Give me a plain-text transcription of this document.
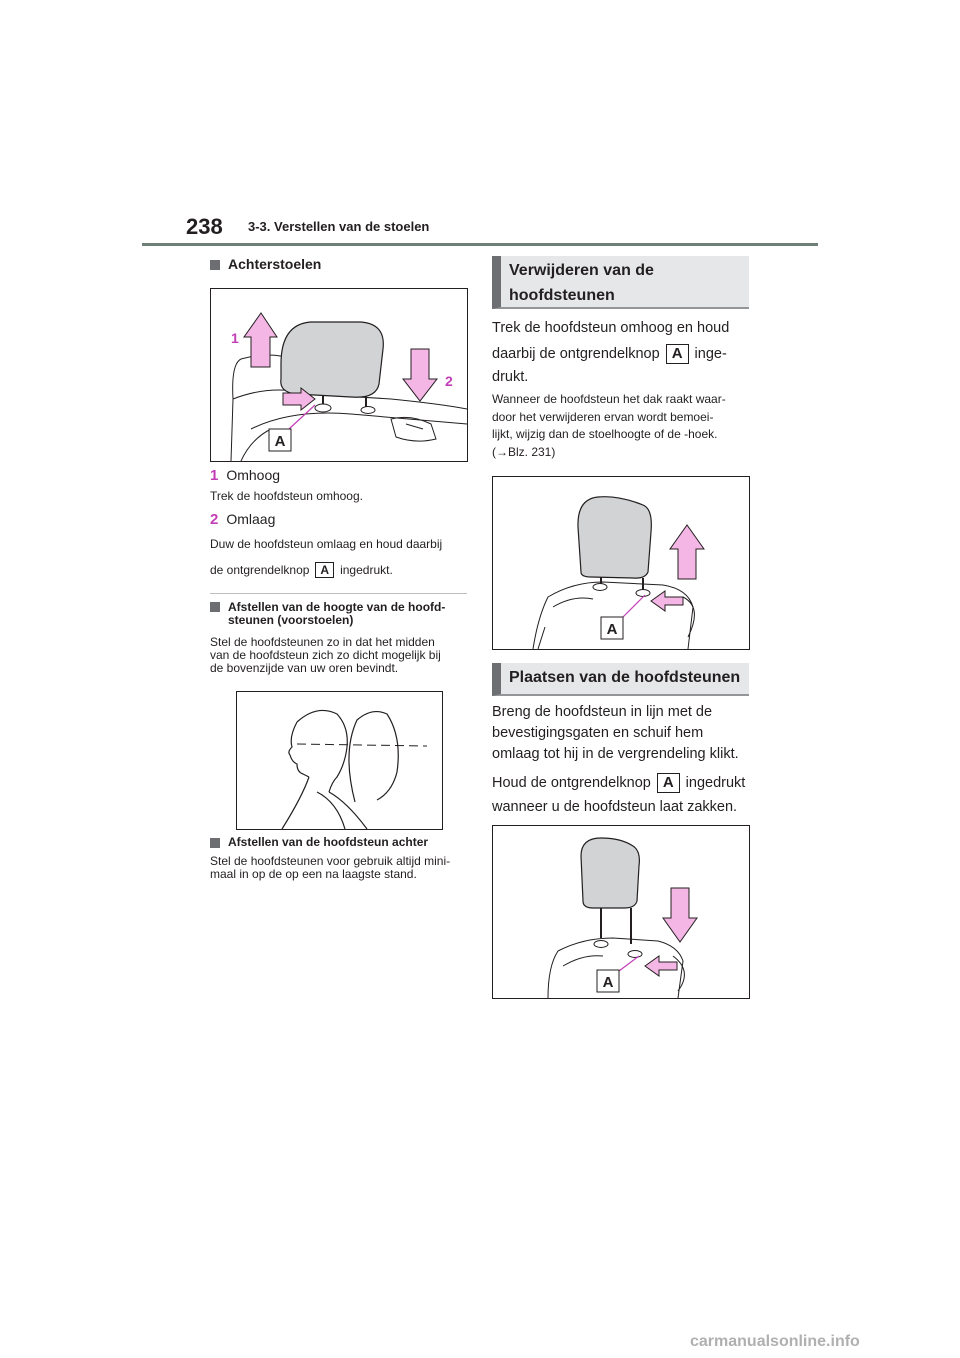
238 3-3. Verstellen van de stoelen
Achterstoelen
A
1
2
1 Omhoog
Trek de hoofdsteun omhoog.
2 Omlaag
Duw de hoofdsteun omlaag en houd daarbij
de ontgrendelknop A ingedrukt.
Afstellen van de hoogte van de hoofd-
steunen (voorstoelen)
Stel de hoofdsteunen zo in dat het midden
van de hoofdsteun zich zo dicht mogelijk bij
de bovenzijde van uw oren bevindt.
Afstellen van de hoofdsteun achter
Stel de hoofdsteunen voor gebruik altijd mini-
maal in op de op een na laagste stand.
Verwijderen van de
hoofdsteunen
Trek de hoofdsteun omhoog en houd
daarbij de ontgrendelknop A inge-
drukt.
Wanneer de hoofdsteun het dak raakt waar-
door het verwijderen ervan wordt bemoei-
lijkt, wijzig dan de stoelhoogte of de -hoek.
(→Blz. 231)
A
Plaatsen van de hoofdsteunen
Breng de hoofdsteun in lijn met de
bevestigingsgaten en schuif hem
omlaag tot hij in de vergrendeling klikt.
Houd de ontgrendelknop A ingedrukt
wanneer u de hoofdsteun laat zakken.
A
carmanualsonline.info
